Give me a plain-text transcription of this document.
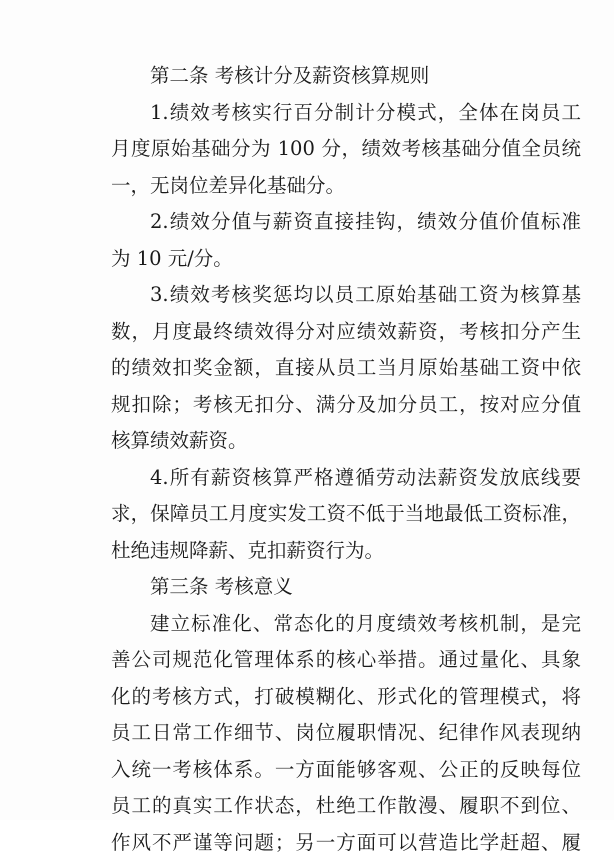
第二条 考核计分及薪资核算规则
1.绩效考核实行百分制计分模式，全体在岗员工
月度原始基础分为 100 分，绩效考核基础分值全员统
一，无岗位差异化基础分。
2.绩效分值与薪资直接挂钩，绩效分值价值标准
为 10 元/分。
3.绩效考核奖惩均以员工原始基础工资为核算基
数，月度最终绩效得分对应绩效薪资，考核扣分产生
的绩效扣奖金额，直接从员工当月原始基础工资中依
规扣除；考核无扣分、满分及加分员工，按对应分值
核算绩效薪资。
4.所有薪资核算严格遵循劳动法薪资发放底线要
求，保障员工月度实发工资不低于当地最低工资标准，
杜绝违规降薪、克扣薪资行为。
第三条 考核意义
建立标准化、常态化的月度绩效考核机制，是完
善公司规范化管理体系的核心举措。通过量化、具象
化的考核方式，打破模糊化、形式化的管理模式，将
员工日常工作细节、岗位履职情况、纪律作风表现纳
入统一考核体系。一方面能够客观、公正的反映每位
员工的真实工作状态，杜绝工作散漫、履职不到位、
作风不严谨等问题；另一方面可以营造比学赶超、履
